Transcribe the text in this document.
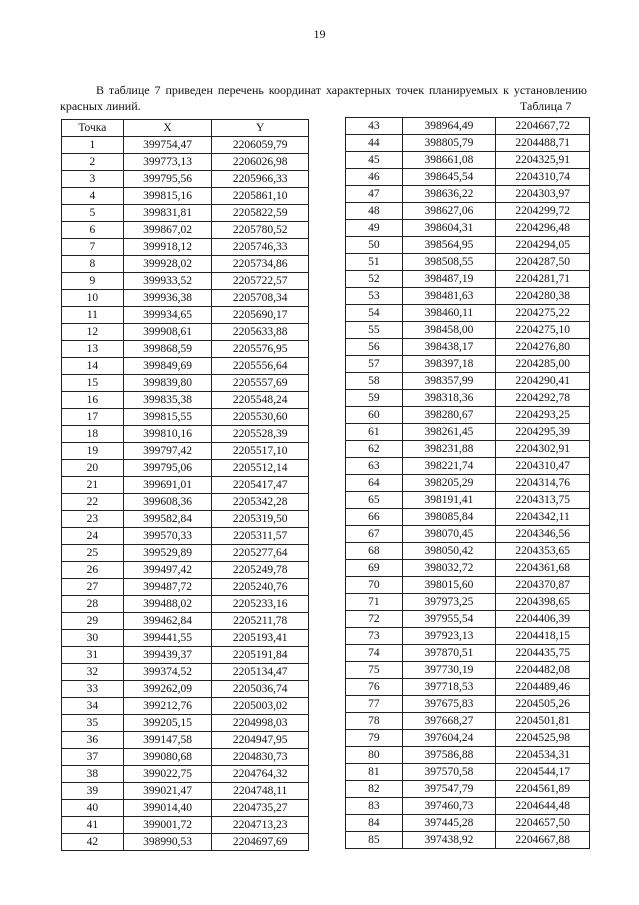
19

В таблице 7 приведен перечень координат характерных точек планируемых к установлению красных линий.	Таблица 7
Точка	X	Y
1	399754,47	2206059,79
2	399773,13	2206026,98
3	399795,56	2205966,33
4	399815,16	2205861,10
5	399831,81	2205822,59
6	399867,02	2205780,52
7	399918,12	2205746,33
8	399928,02	2205734,86
9	399933,52	2205722,57
10	399936,38	2205708,34
11	399934,65	2205690,17
12	399908,61	2205633,88
13	399868,59	2205576,95
14	399849,69	2205556,64
15	399839,80	2205557,69
16	399835,38	2205548,24
17	399815,55	2205530,60
18	399810,16	2205528,39
19	399797,42	2205517,10
20	399795,06	2205512,14
21	399691,01	2205417,47
22	399608,36	2205342,28
23	399582,84	2205319,50
24	399570,33	2205311,57
25	399529,89	2205277,64
26	399497,42	2205249,78
27	399487,72	2205240,76
28	399488,02	2205233,16
29	399462,84	2205211,78
30	399441,55	2205193,41
31	399439,37	2205191,84
32	399374,52	2205134,47
33	399262,09	2205036,74
34	399212,76	2205003,02
35	399205,15	2204998,03
36	399147,58	2204947,95
37	399080,68	2204830,73
38	399022,75	2204764,32
39	399021,47	2204748,11
40	399014,40	2204735,27
41	399001,72	2204713,23
42	398990,53	2204697,69
43	398964,49	2204667,72
44	398805,79	2204488,71
45	398661,08	2204325,91
46	398645,54	2204310,74
47	398636,22	2204303,97
48	398627,06	2204299,72
49	398604,31	2204296,48
50	398564,95	2204294,05
51	398508,55	2204287,50
52	398487,19	2204281,71
53	398481,63	2204280,38
54	398460,11	2204275,22
55	398458,00	2204275,10
56	398438,17	2204276,80
57	398397,18	2204285,00
58	398357,99	2204290,41
59	398318,36	2204292,78
60	398280,67	2204293,25
61	398261,45	2204295,39
62	398231,88	2204302,91
63	398221,74	2204310,47
64	398205,29	2204314,76
65	398191,41	2204313,75
66	398085,84	2204342,11
67	398070,45	2204346,56
68	398050,42	2204353,65
69	398032,72	2204361,68
70	398015,60	2204370,87
71	397973,25	2204398,65
72	397955,54	2204406,39
73	397923,13	2204418,15
74	397870,51	2204435,75
75	397730,19	2204482,08
76	397718,53	2204489,46
77	397675,83	2204505,26
78	397668,27	2204501,81
79	397604,24	2204525,98
80	397586,88	2204534,31
81	397570,58	2204544,17
82	397547,79	2204561,89
83	397460,73	2204644,48
84	397445,28	2204657,50
85	397438,92	2204667,88
